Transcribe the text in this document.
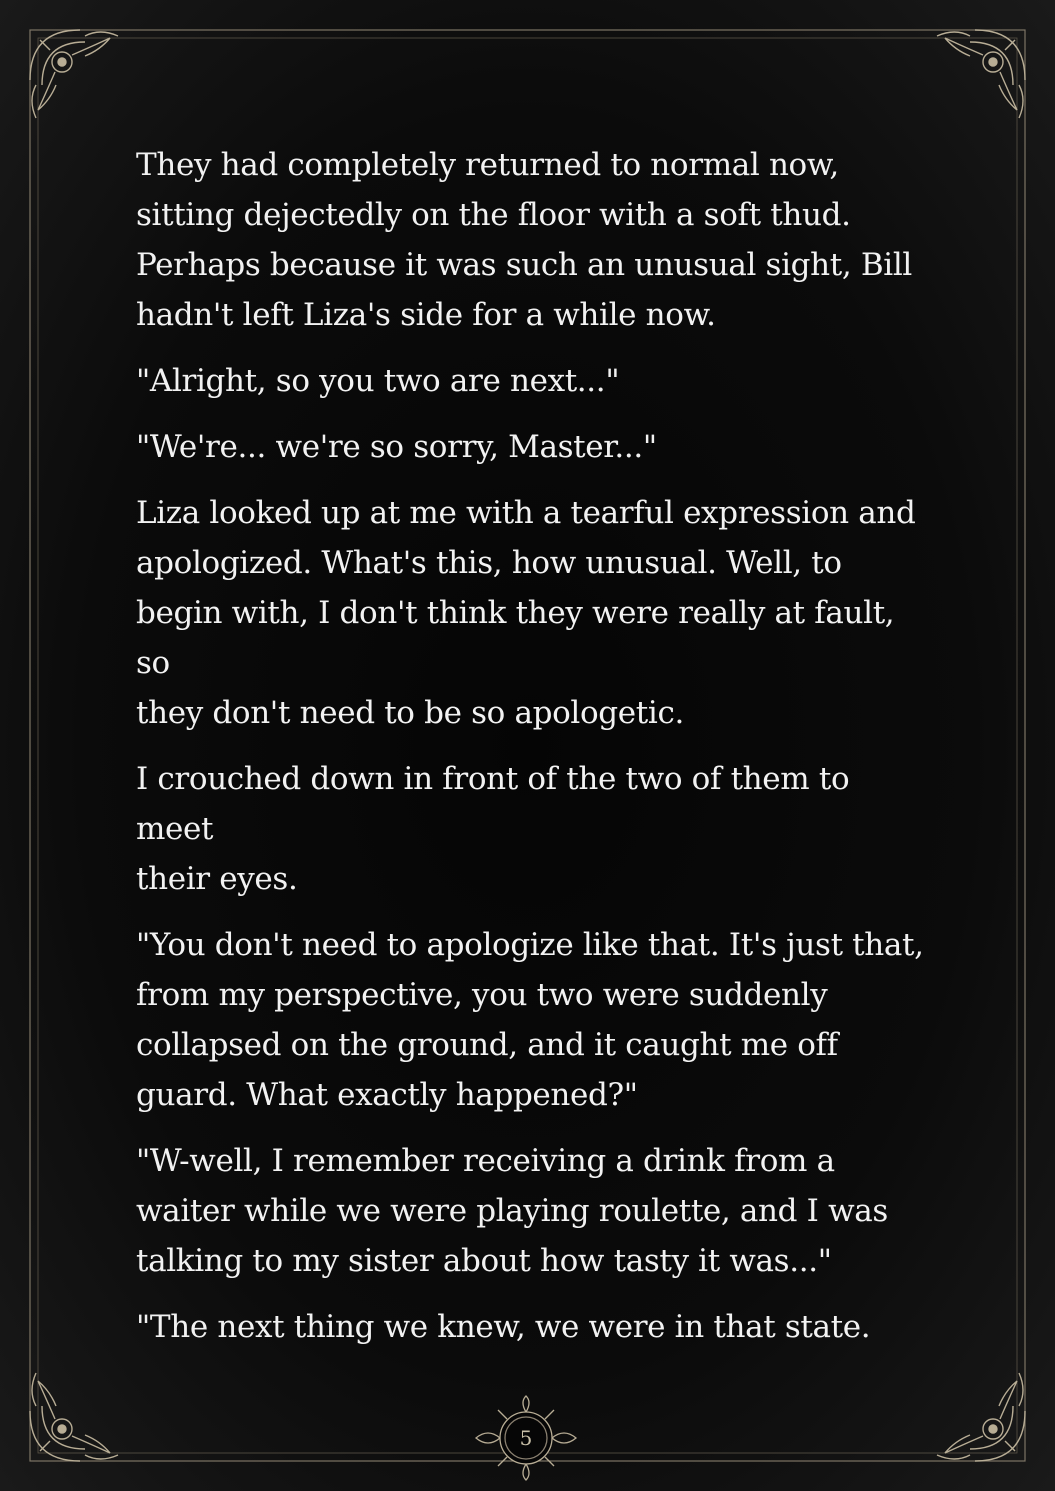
They had completely returned to normal now,
sitting dejectedly on the floor with a soft thud.
Perhaps because it was such an unusual sight, Bill
hadn't left Liza's side for a while now.

"Alright, so you two are next..."

"We're... we're so sorry, Master..."

Liza looked up at me with a tearful expression and
apologized. What's this, how unusual. Well, to
begin with, I don't think they were really at fault, so
they don't need to be so apologetic.

I crouched down in front of the two of them to meet
their eyes.

"You don't need to apologize like that. It's just that,
from my perspective, you two were suddenly
collapsed on the ground, and it caught me off
guard. What exactly happened?"

"W-well, I remember receiving a drink from a
waiter while we were playing roulette, and I was
talking to my sister about how tasty it was..."

"The next thing we knew, we were in that state.

5
